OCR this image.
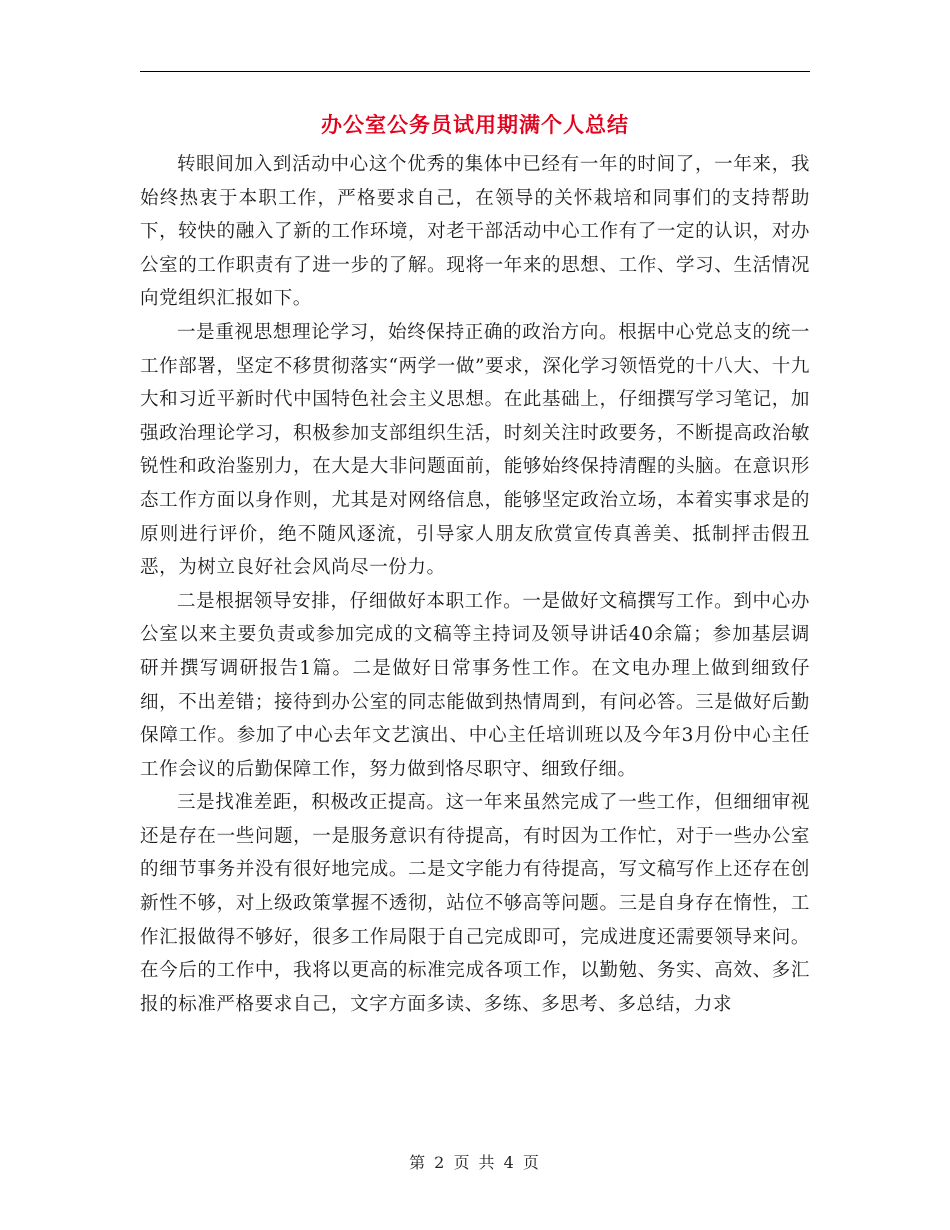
办公室公务员试用期满个人总结

转眼间加入到活动中心这个优秀的集体中已经有一年的时间了，一年来，我始终热衷于本职工作，严格要求自己，在领导的关怀栽培和同事们的支持帮助下，较快的融入了新的工作环境，对老干部活动中心工作有了一定的认识，对办公室的工作职责有了进一步的了解。现将一年来的思想、工作、学习、生活情况向党组织汇报如下。

一是重视思想理论学习，始终保持正确的政治方向。根据中心党总支的统一工作部署，坚定不移贯彻落实“两学一做”要求，深化学习领悟党的十八大、十九大和习近平新时代中国特色社会主义思想。在此基础上，仔细撰写学习笔记，加强政治理论学习，积极参加支部组织生活，时刻关注时政要务，不断提高政治敏锐性和政治鉴别力，在大是大非问题面前，能够始终保持清醒的头脑。在意识形态工作方面以身作则，尤其是对网络信息，能够坚定政治立场，本着实事求是的原则进行评价，绝不随风逐流，引导家人朋友欣赏宣传真善美、抵制抨击假丑恶，为树立良好社会风尚尽一份力。

二是根据领导安排，仔细做好本职工作。一是做好文稿撰写工作。到中心办公室以来主要负责或参加完成的文稿等主持词及领导讲话40余篇；参加基层调研并撰写调研报告1篇。二是做好日常事务性工作。在文电办理上做到细致仔细，不出差错；接待到办公室的同志能做到热情周到，有问必答。三是做好后勤保障工作。参加了中心去年文艺演出、中心主任培训班以及今年3月份中心主任工作会议的后勤保障工作，努力做到恪尽职守、细致仔细。

三是找准差距，积极改正提高。这一年来虽然完成了一些工作，但细细审视还是存在一些问题，一是服务意识有待提高，有时因为工作忙，对于一些办公室的细节事务并没有很好地完成。二是文字能力有待提高，写文稿写作上还存在创新性不够，对上级政策掌握不透彻，站位不够高等问题。三是自身存在惰性，工作汇报做得不够好，很多工作局限于自己完成即可，完成进度还需要领导来问。在今后的工作中，我将以更高的标准完成各项工作，以勤勉、务实、高效、多汇报的标准严格要求自己，文字方面多读、多练、多思考、多总结，力求

第 2 页 共 4 页
